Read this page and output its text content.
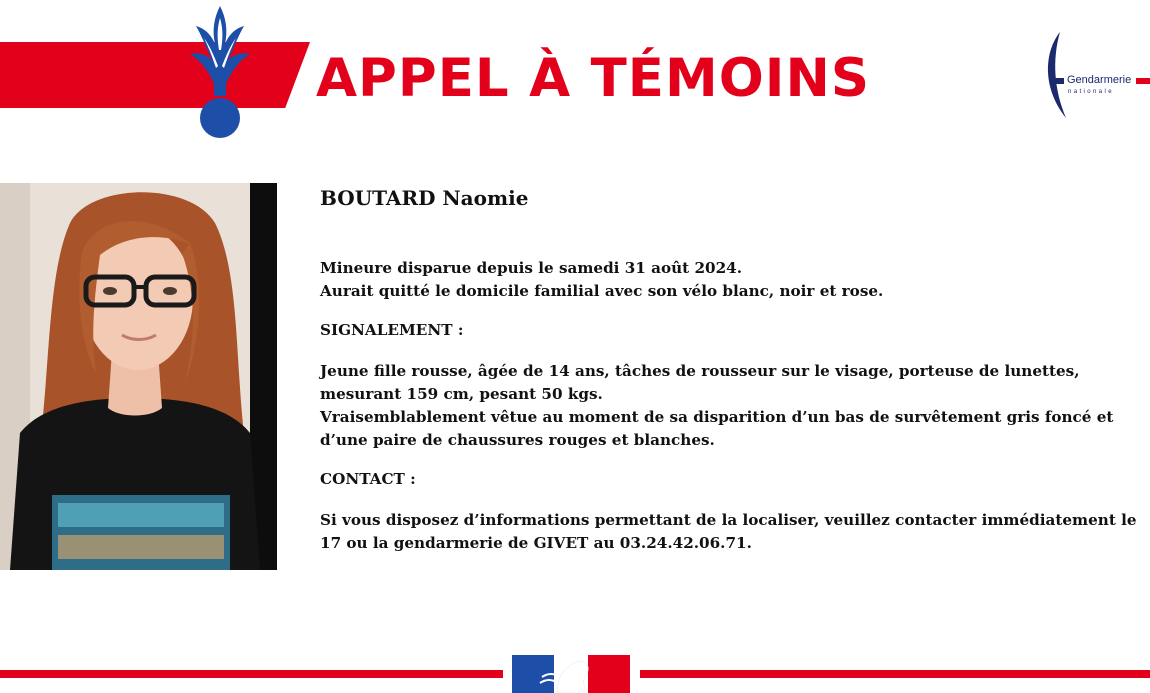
APPEL À TÉMOINS	Gendarmerie
nationale

BOUTARD Naomie

Mineure disparue depuis le samedi 31 août 2024.
Aurait quitté le domicile familial avec son vélo blanc, noir et rose.

SIGNALEMENT :

Jeune fille rousse, âgée de 14 ans, tâches de rousseur sur le visage, porteuse de lunettes,
mesurant 159 cm, pesant 50 kgs.
Vraisemblablement vêtue au moment de sa disparition d’un bas de survêtement gris foncé et
d’une paire de chaussures rouges et blanches.

CONTACT :

Si vous disposez d’informations permettant de la localiser, veuillez contacter immédiatement le
17 ou la gendarmerie de GIVET au 03.24.42.06.71.
